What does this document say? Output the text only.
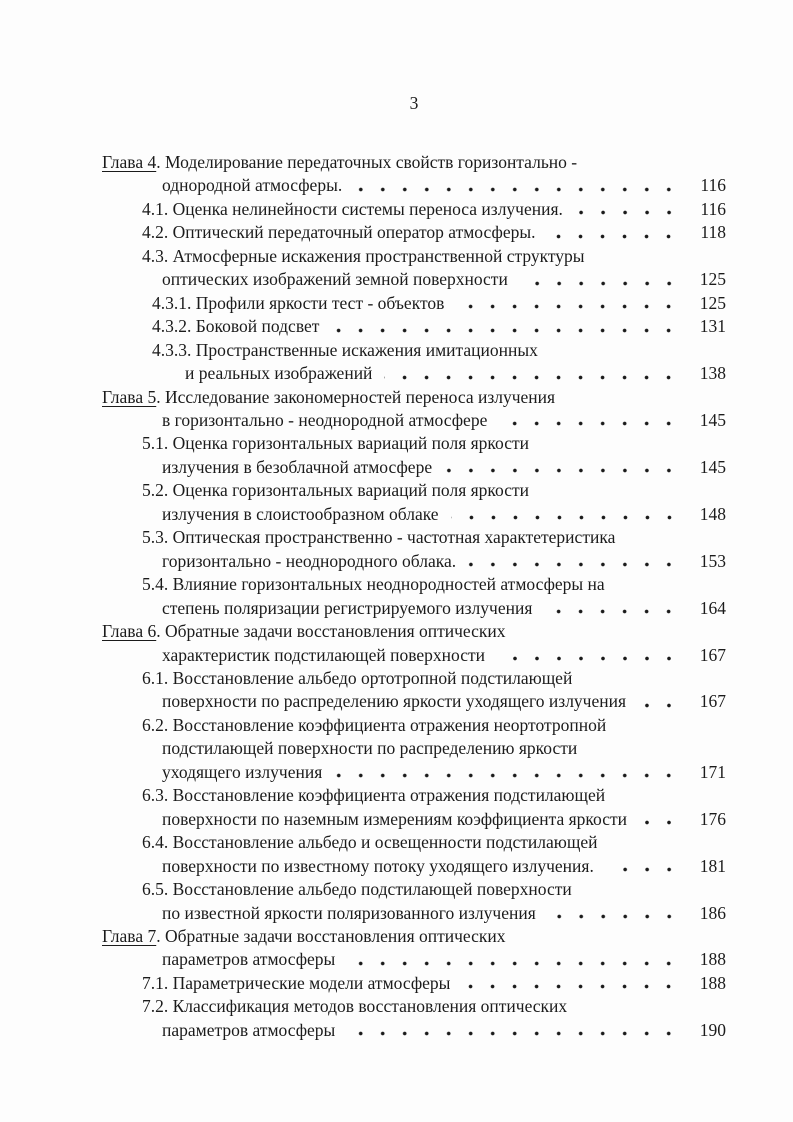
3
Глава 4. Моделирование передаточных свойств горизонтально -
однородной атмосферы.	116
4.1. Оценка нелинейности системы переноса излучения.	116
4.2. Оптический передаточный оператор атмосферы.	118
4.3. Атмосферные искажения пространственной структуры
оптических изображений земной поверхности	125
4.3.1. Профили яркости тест - объектов	125
4.3.2. Боковой подсвет	131
4.3.3. Пространственные искажения имитационных
и реальных изображений	138
Глава 5. Исследование закономерностей переноса излучения
в горизонтально - неоднородной атмосфере	145
5.1. Оценка горизонтальных вариаций поля яркости
излучения в безоблачной атмосфере	145
5.2. Оценка горизонтальных вариаций поля яркости
излучения в слоистообразном облаке	148
5.3. Оптическая пространственно - частотная характетеристика
горизонтально - неоднородного облака.	153
5.4. Влияние горизонтальных неоднородностей атмосферы на
степень поляризации регистрируемого излучения	164
Глава 6. Обратные задачи восстановления оптических
характеристик подстилающей поверхности	167
6.1. Восстановление альбедо ортотропной подстилающей
поверхности по распределению яркости уходящего излучения	167
6.2. Восстановление коэффициента отражения неортотропной
подстилающей поверхности по распределению яркости
уходящего излучения	171
6.3. Восстановление коэффициента отражения подстилающей
поверхности по наземным измерениям коэффициента яркости	176
6.4. Восстановление альбедо и освещенности подстилающей
поверхности по известному потоку уходящего излучения.	181
6.5. Восстановление альбедо подстилающей поверхности
по известной яркости поляризованного излучения	186
Глава 7. Обратные задачи восстановления оптических
параметров атмосферы	188
7.1. Параметрические модели атмосферы	188
7.2. Классификация методов восстановления оптических
параметров атмосферы	190
